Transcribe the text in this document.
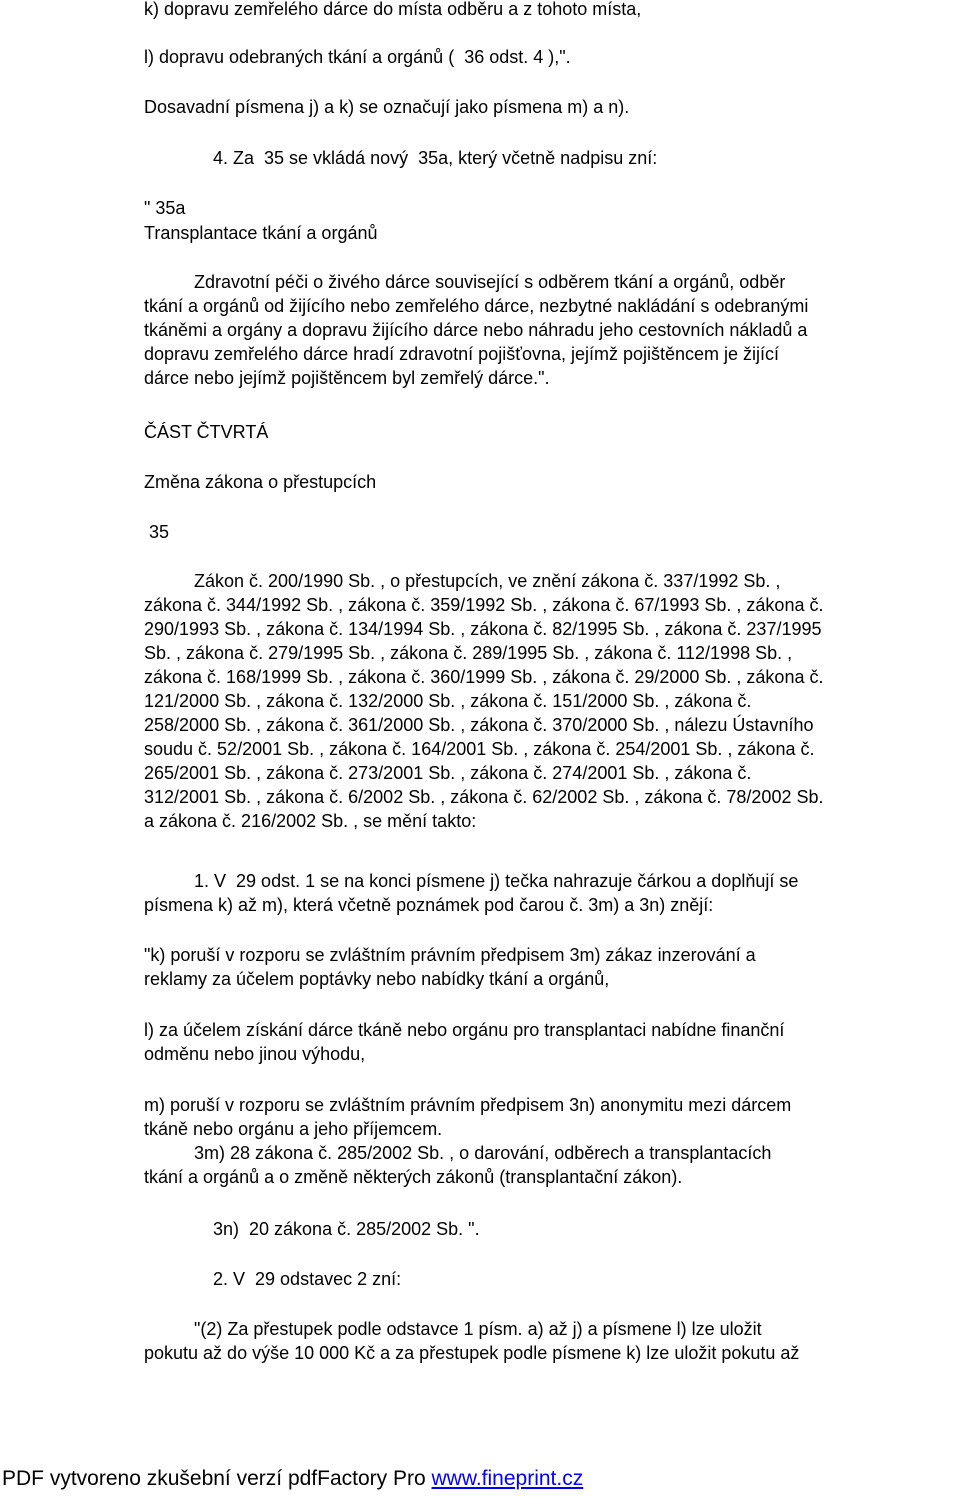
k) dopravu zemřelého dárce do místa odběru a z tohoto místa,
l) dopravu odebraných tkání a orgánů (  36 odst. 4 ),".
Dosavadní písmena j) a k) se označují jako písmena m) a n).
4. Za  35 se vkládá nový  35a, který včetně nadpisu zní:
" 35a
Transplantace tkání a orgánů
Zdravotní péči o živého dárce související s odběrem tkání a orgánů, odběr
tkání a orgánů od žijícího nebo zemřelého dárce, nezbytné nakládání s odebranými
tkáněmi a orgány a dopravu žijícího dárce nebo náhradu jeho cestovních nákladů a
dopravu zemřelého dárce hradí zdravotní pojišťovna, jejímž pojištěncem je žijící
dárce nebo jejímž pojištěncem byl zemřelý dárce.".
ČÁST ČTVRTÁ
Změna zákona o přestupcích
35
Zákon č. 200/1990 Sb. , o přestupcích, ve znění zákona č. 337/1992 Sb. ,
zákona č. 344/1992 Sb. , zákona č. 359/1992 Sb. , zákona č. 67/1993 Sb. , zákona č.
290/1993 Sb. , zákona č. 134/1994 Sb. , zákona č. 82/1995 Sb. , zákona č. 237/1995
Sb. , zákona č. 279/1995 Sb. , zákona č. 289/1995 Sb. , zákona č. 112/1998 Sb. ,
zákona č. 168/1999 Sb. , zákona č. 360/1999 Sb. , zákona č. 29/2000 Sb. , zákona č.
121/2000 Sb. , zákona č. 132/2000 Sb. , zákona č. 151/2000 Sb. , zákona č.
258/2000 Sb. , zákona č. 361/2000 Sb. , zákona č. 370/2000 Sb. , nálezu Ústavního
soudu č. 52/2001 Sb. , zákona č. 164/2001 Sb. , zákona č. 254/2001 Sb. , zákona č.
265/2001 Sb. , zákona č. 273/2001 Sb. , zákona č. 274/2001 Sb. , zákona č.
312/2001 Sb. , zákona č. 6/2002 Sb. , zákona č. 62/2002 Sb. , zákona č. 78/2002 Sb.
a zákona č. 216/2002 Sb. , se mění takto:
1. V  29 odst. 1 se na konci písmene j) tečka nahrazuje čárkou a doplňují se
písmena k) až m), která včetně poznámek pod čarou č. 3m) a 3n) znějí:
"k) poruší v rozporu se zvláštním právním předpisem 3m) zákaz inzerování a
reklamy za účelem poptávky nebo nabídky tkání a orgánů,
l) za účelem získání dárce tkáně nebo orgánu pro transplantaci nabídne finanční
odměnu nebo jinou výhodu,
m) poruší v rozporu se zvláštním právním předpisem 3n) anonymitu mezi dárcem
tkáně nebo orgánu a jeho příjemcem.
3m) 28 zákona č. 285/2002 Sb. , o darování, odběrech a transplantacích
tkání a orgánů a o změně některých zákonů (transplantační zákon).
3n)  20 zákona č. 285/2002 Sb. ".
2. V  29 odstavec 2 zní:
"(2) Za přestupek podle odstavce 1 písm. a) až j) a písmene l) lze uložit
pokutu až do výše 10 000 Kč a za přestupek podle písmene k) lze uložit pokutu až
PDF vytvoreno zkušební verzí pdfFactory Pro www.fineprint.cz
